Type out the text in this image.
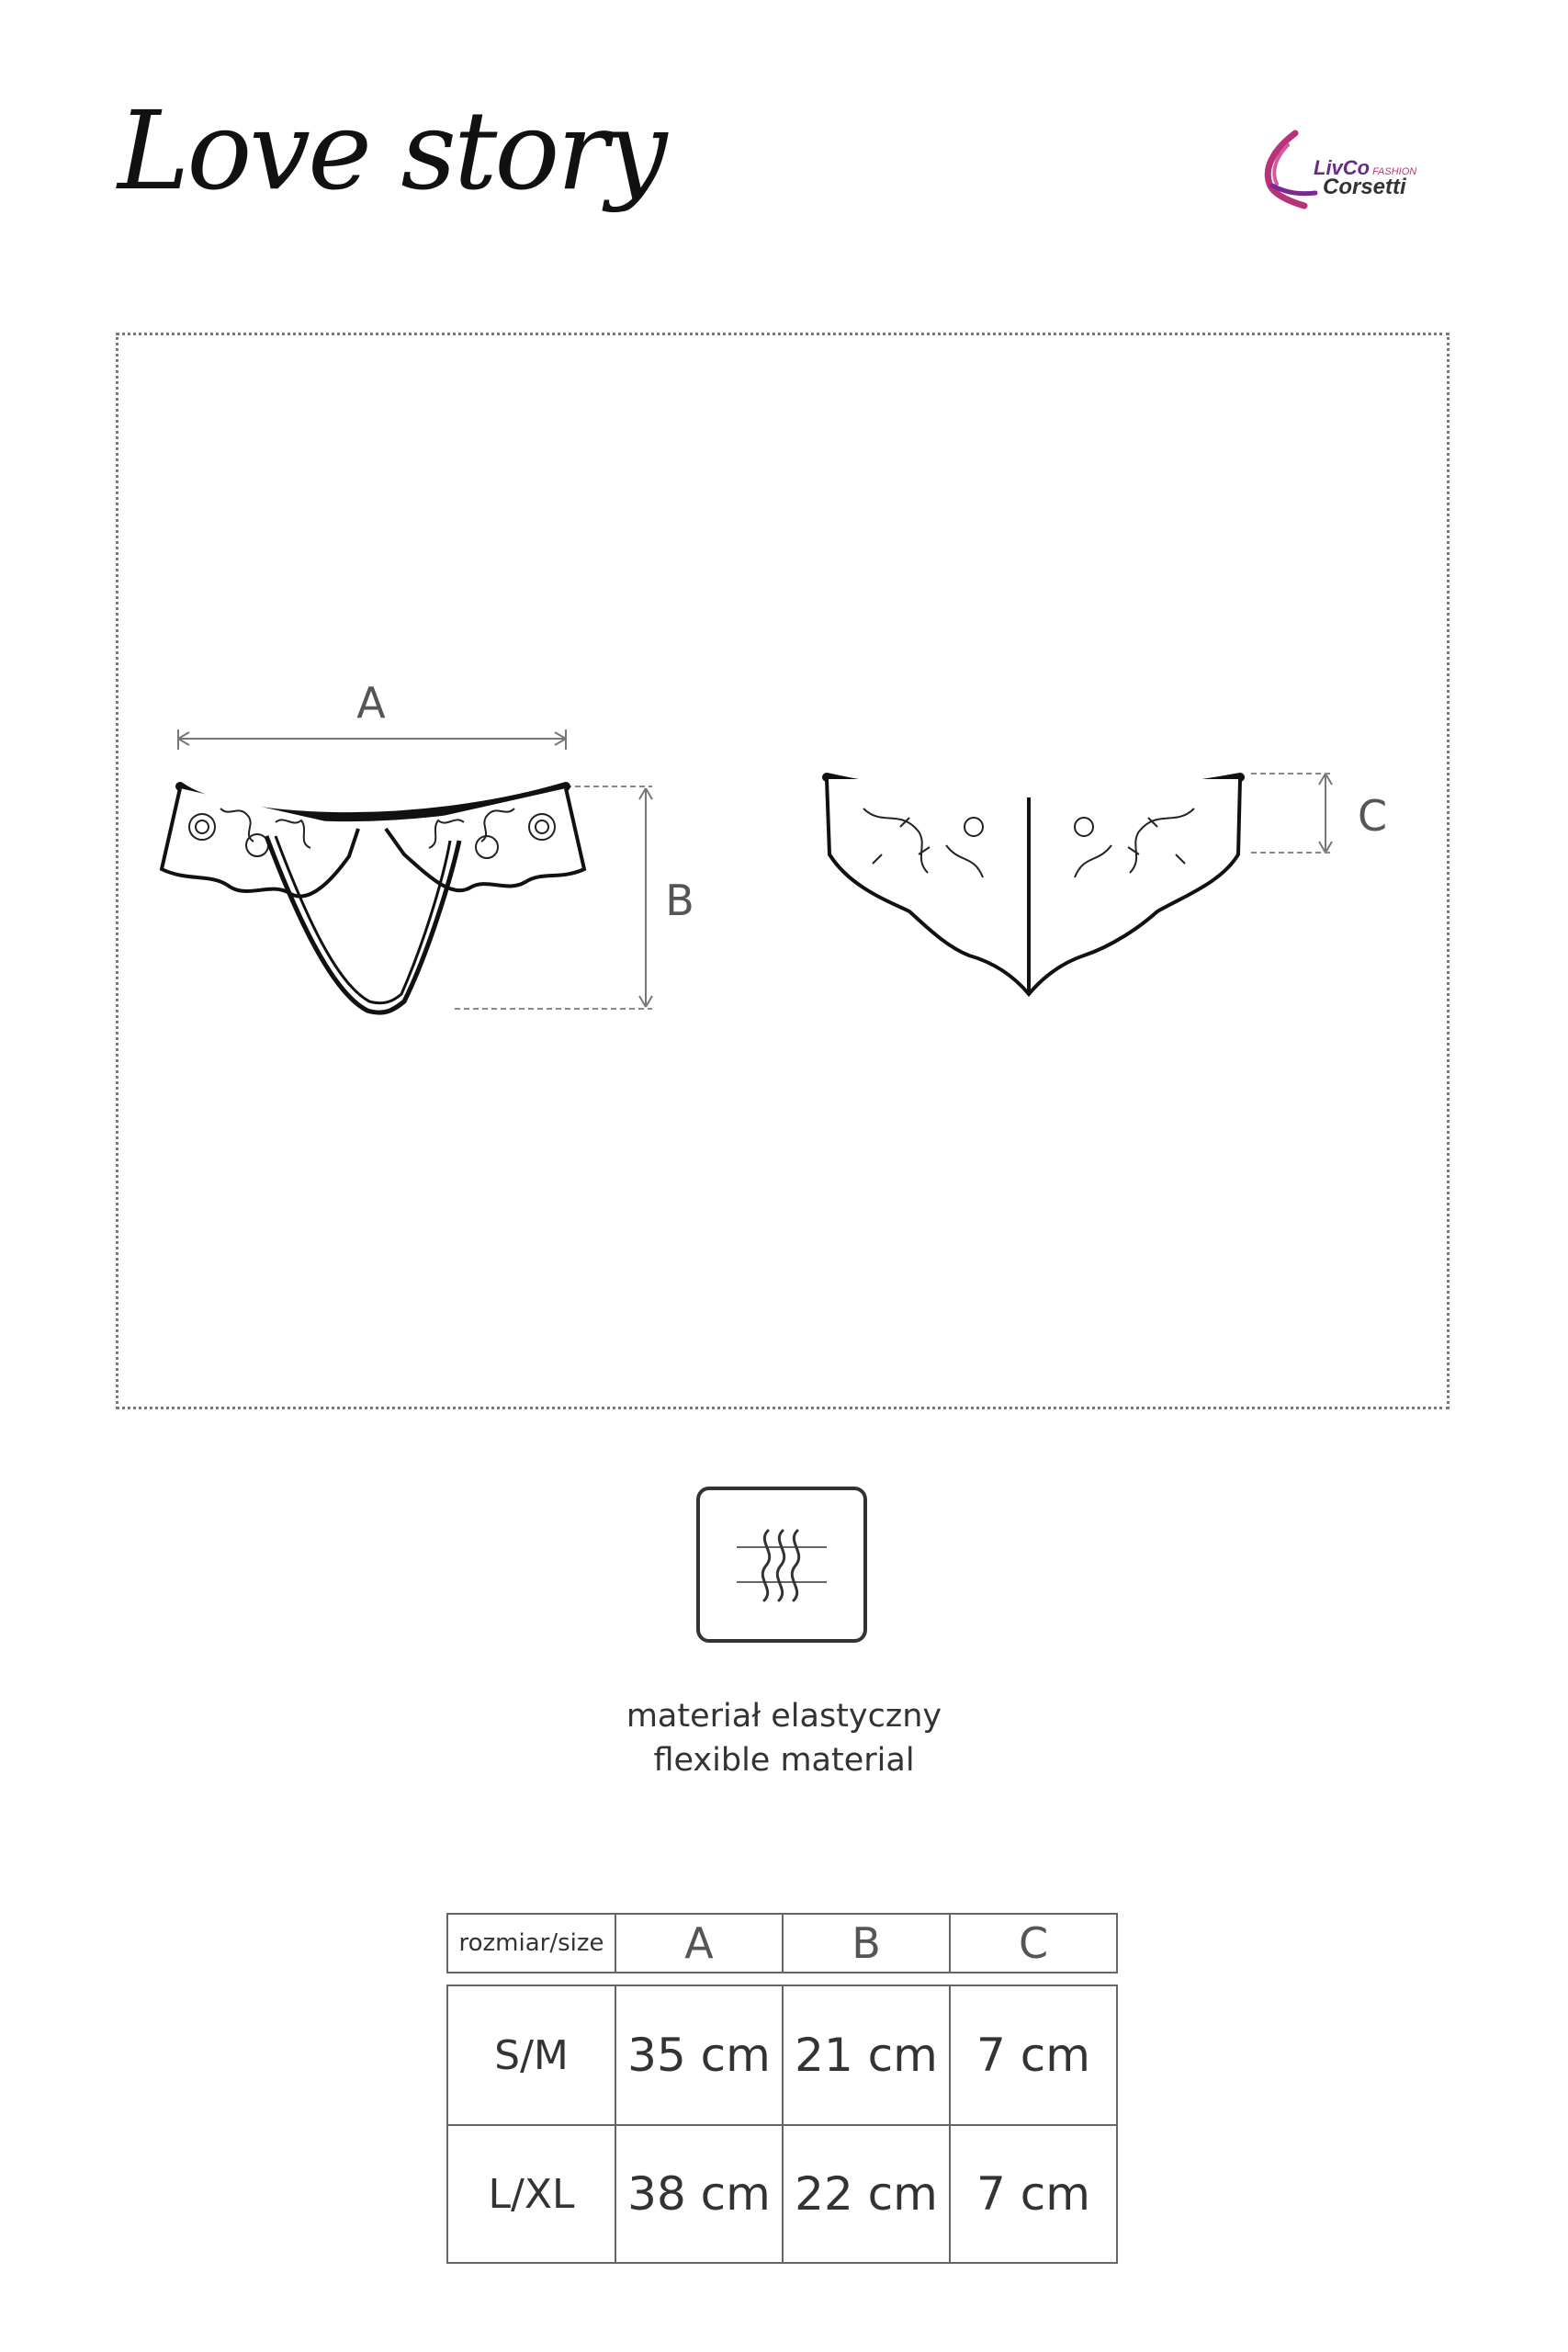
Love story	LivCo FASHION
Corsetti
A
B
C
materiał elastyczny
flexible material
rozmiar/size	A	B	C
S/M	35 cm 21 cm 7 cm
L/XL	38 cm 22 cm 7 cm
